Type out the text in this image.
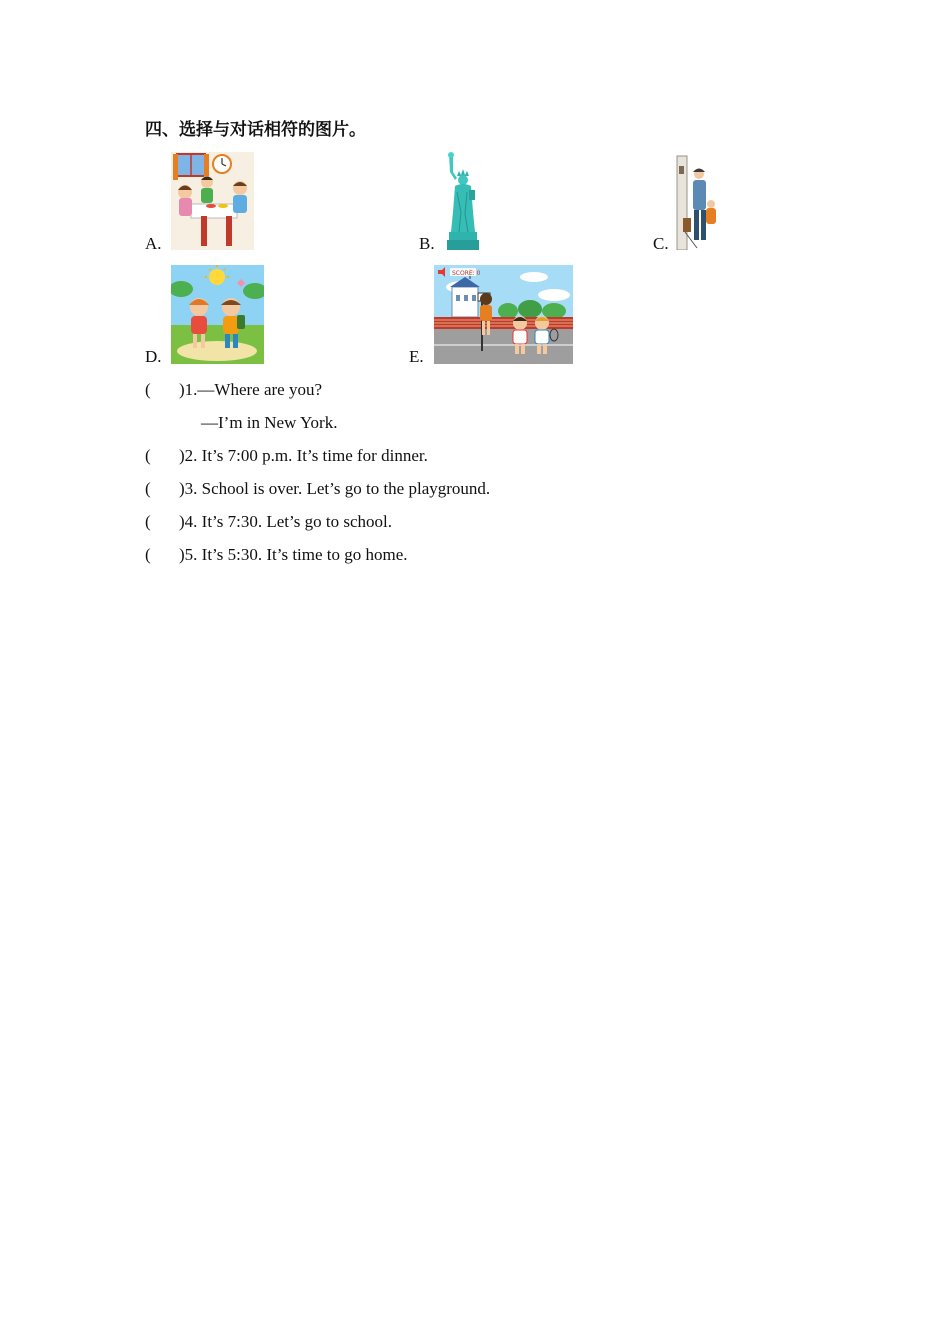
四、选择与对话相符的图片。
A.	B.	C.
D.	E.
SCORE: 0
( )1.—Where are you?
—I’m in New York.
( )2. It’s 7:00 p.m. It’s time for dinner.
( )3. School is over. Let’s go to the playground.
( )4. It’s 7:30. Let’s go to school.
( )5. It’s 5:30. It’s time to go home.
